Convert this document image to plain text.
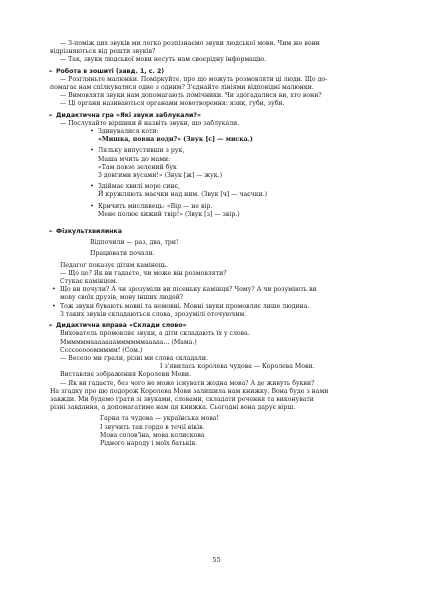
— З-поміж цих звуків ми легко розпізнаємо звуки людської мови. Чим же вони

відрізняються від решти звуків?

— Так, звуки людської мови несуть нам своєрідну інформацію.

➢ Робота в зошиті (завд. 1, с. 2)

— Розгляньте малюнки. Поміркуйте, про що можуть розмовляти ці люди. Що до-

помагає нам спілкуватися одне з одним? З'єднайте лініями відповідні малюнки.

— Вимовляти звуки нам допомагають помічники. Чи здогадалися ви, хто вони?

— Ці органи називаються органами мовотворення: язик, губи, зуби.

➢ Дидактична гра «Які звуки заблукали?»

— Послухайте віршики й назвіть звуки, що заблукали.

• Здивувалися коти:

«Мишка, повна води?» (Звук [с] — миска.)

• Ляльку випустивши з рук,

Маша мчить до мами:

«Там повзе зелений бук

З довгими вусами!» (Звук [ж] — жук.)

• Здіймає хвилі море синє,

Й кружляють маєчки над ним. (Звук [ч] — чаєчки.)

• Кричить мисливець: «Вір — не вір.

Мене полює хижий твір!» (Звук [з] — звір.)

➢ Фізкультхвилинка

Відпочили — раз, два, три!

Працювати почали.

Педагог показує дітям камінець.

— Що це? Як ви гадаєте, чи може він розмовляти?

Стукає камінцем.

• Що ви почули? А чи зрозуміли ви пісеньку камінця? Чому? А чи розуміють ви

мову своїх друзів, мову інших людей?

• Тож звуки бувають мовні та немовні. Мовні звуки промовляє лише людина.

З таких звуків складаються слова, зрозумілі оточуючим.

➢ Дидактична вправа «Склади слово»

Вихователь промовляє звуки, а діти складають їх у слова.

Ммммммаааааааммммммааааа... (Мама.)

Ссссоооооммммм! (Сом.)

— Весело ми грали, різні ми слова складали.

І з'явилась королева чудова — Королева Мови.

Виставляє зображення Королеви Мови.

— Як ви гадаєте, без чого не може існувати жодна мова? А де живуть букви?

На згадку про цю подорож Королева Мови залишила нам книжку. Вона буде з нами

завжди. Ми будемо грати зі звуками, словами, складати речення та виконувати

різні завдання, а допомагатиме нам ця книжка. Сьогодні вона дарує вірш.

Гарна та чудова — українська мова!

І звучить так гордо в течії віків.

Мова солов'їна, мова колискова

Рідного народу і моїх батьків.

55
